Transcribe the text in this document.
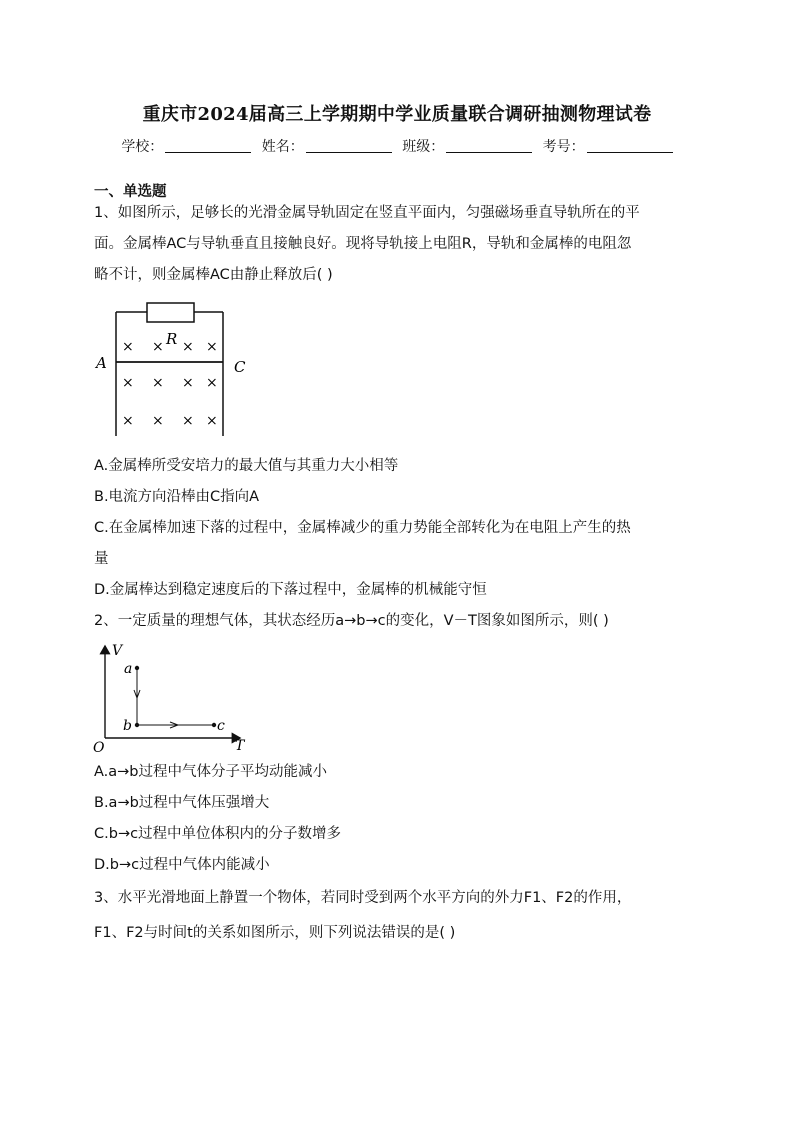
重庆市2024届高三上学期期中学业质量联合调研抽测物理试卷
学校：	姓名：	班级：	考号：
一、单选题
1、如图所示，足够长的光滑金属导轨固定在竖直平面内，匀强磁场垂直导轨所在的平
面。金属棒AC与导轨垂直且接触良好。现将导轨接上电阻R，导轨和金属棒的电阻忽
略不计，则金属棒AC由静止释放后( )
A	C
R
× × × ×
× × × ×
× × × ×
A.金属棒所受安培力的最大值与其重力大小相等
B.电流方向沿棒由C指向A
C.在金属棒加速下落的过程中，金属棒减少的重力势能全部转化为在电阻上产生的热
量
D.金属棒达到稳定速度后的下落过程中，金属棒的机械能守恒
2、一定质量的理想气体，其状态经历a→b→c的变化，V－T图象如图所示，则( )
V
T
O
a
b	c
A.a→b过程中气体分子平均动能减小
B.a→b过程中气体压强增大
C.b→c过程中单位体积内的分子数增多
D.b→c过程中气体内能减小
3、水平光滑地面上静置一个物体，若同时受到两个水平方向的外力F1、F2的作用，
F1、F2与时间t的关系如图所示，则下列说法错误的是( )
